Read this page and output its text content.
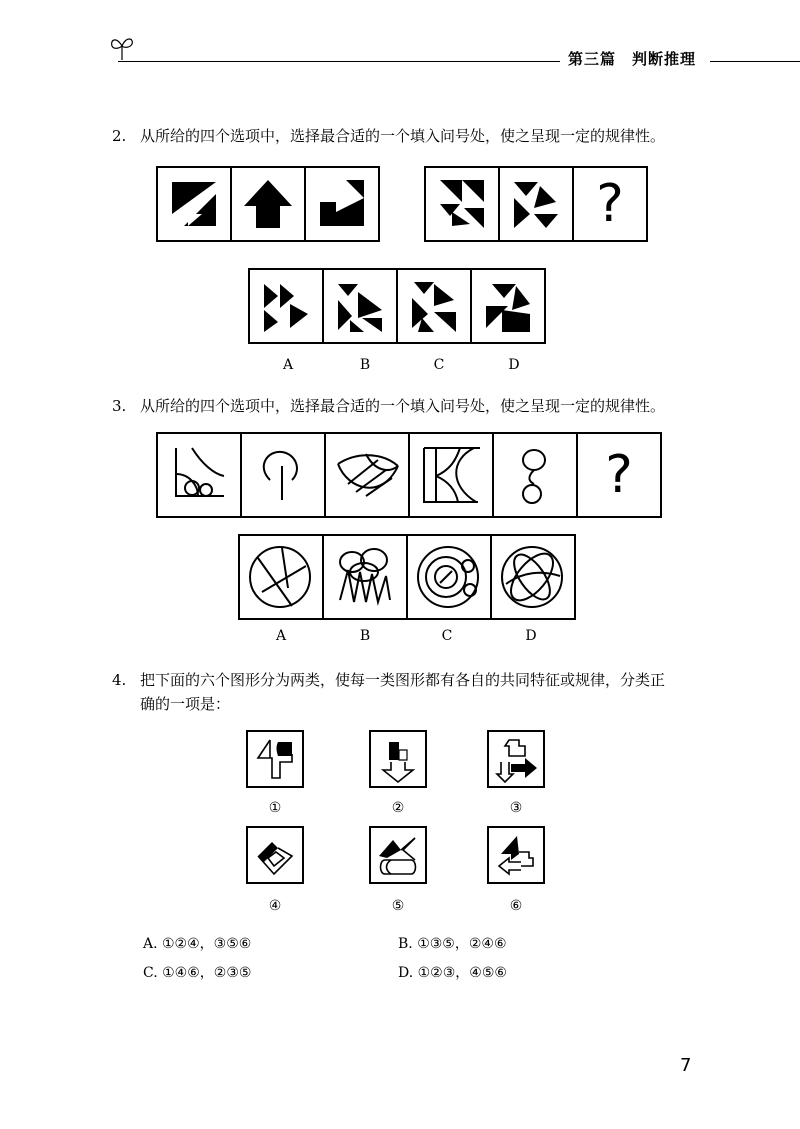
第三篇　判断推理
2. 从所给的四个选项中，选择最合适的一个填入问号处，使之呈现一定的规律性。
?
A	B	C	D
3. 从所给的四个选项中，选择最合适的一个填入问号处，使之呈现一定的规律性。
?
A	B	C	D
4. 把下面的六个图形分为两类，使每一类图形都有各自的共同特征或规律，分类正
确的一项是：
①	②	③
④	⑤	⑥
A. ①②④，③⑤⑥	B. ①③⑤，②④⑥
C. ①④⑥，②③⑤	D. ①②③，④⑤⑥
7
